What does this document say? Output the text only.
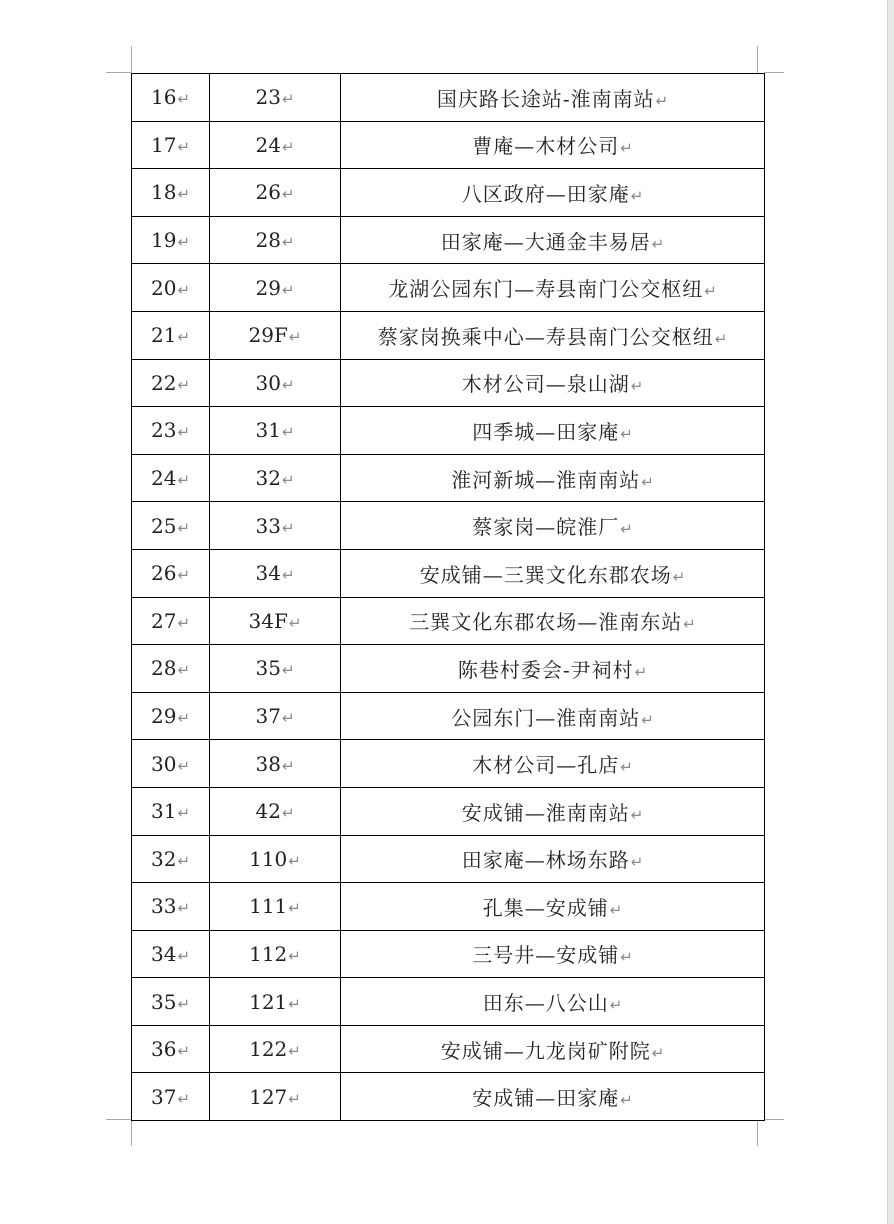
16↵	23↵	国庆路长途站-淮南南站↵
17↵	24↵	曹庵—木材公司↵
18↵	26↵	八区政府—田家庵↵
19↵	28↵	田家庵—大通金丰易居↵
20↵	29↵	龙湖公园东门—寿县南门公交枢纽↵
21↵	29F↵	蔡家岗换乘中心—寿县南门公交枢纽↵
22↵	30↵	木材公司—泉山湖↵
23↵	31↵	四季城—田家庵↵
24↵	32↵	淮河新城—淮南南站↵
25↵	33↵	蔡家岗—皖淮厂↵
26↵	34↵	安成铺—三巽文化东郡农场↵
27↵	34F↵	三巽文化东郡农场—淮南东站↵
28↵	35↵	陈巷村委会-尹祠村↵
29↵	37↵	公园东门—淮南南站↵
30↵	38↵	木材公司—孔店↵
31↵	42↵	安成铺—淮南南站↵
32↵	110↵	田家庵—林场东路↵
33↵	111↵	孔集—安成铺↵
34↵	112↵	三号井—安成铺↵
35↵	121↵	田东—八公山↵
36↵	122↵	安成铺—九龙岗矿附院↵
37↵	127↵	安成铺—田家庵↵
